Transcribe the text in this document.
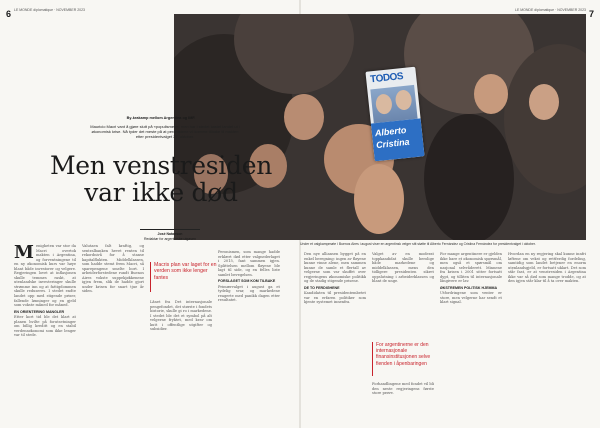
6 LE MONDE diplomatique · NOVEMBER 2023	7
LE MONDE diplomatique · NOVEMBER 2023
TODOS
Alberto
Cristina
Under et valgkampmøte i Buenos Aires i august viser en argentinsk velger sitt støtte til Alberto Fernández og Cristina Fernández for presidentvalget i oktober.
By-krakamp mellom Argentina og IMF.
Mauricio Macri vant å gjøre slutt på «populismen», men har i stedet kastet landet ut i økonomisk krise. Nå tyder det meste på at peronistene vil komme tilbake til makten etter presidentvalget 27. oktober.
Men venstresiden
var ikke død
José Natanson
Redaktør for argentinske utgaven
M enigheten var stor da Macri overtok makten i Argentina, og forventningene til en ny økonomisk kurs var høye blant både investorer og velgere. Regjeringen lovet at inflasjonen skulle temmes raskt, at utenlandske investeringer skulle strømme inn og at fattigdommen skulle reduseres. I stedet endte landet opp med stigende priser, fallende lønninger og en gjeld som vokste måned for måned.
EN ORIENTERING MANGLER
Etter kort tid ble det klart at planen hvilte på forutsetninger om billig kreditt og en stabil verdensøkonomi som ikke lenger var til stede.
Valutaen falt kraftig, og sentralbanken hevet renten til rekordnivå for å stanse kapitalflukten. Middelklassen, som hadde stemt frem Macri, så sparepengene smelte bort. I arbeiderforstedene rundt Buenos Aires vokste suppekjøkkenene igjen frem, slik de hadde gjort under krisen for snart tjue år siden.
Macris plan var laget for en verden som ikke lenger fantes
Lånet fra Det internasjonale pengefondet, det største i fondets historie, skulle gi ro i markedene. I stedet ble det et symbol på alt velgerne fryktet, med krav om kutt i offentlige utgifter og subsidier.
Peronismen, som mange hadde erklært død etter valgnederlaget i 2015, fant sammen igjen. Splittelsen mellom fløyene ble lagt til side, og en felles liste samlet bevegelsen.
FORSLAGET SOM KOM TILBAKE
Primærvalget i august ga et tydelig svar, og markedene reagerte med panikk dagen etter resultatet.
Den nye alliansen bygget på en enkel beregning: ingen av fløyene kunne vinne alene, men sammen kunne de samle et flertall av velgerne som var skuffet over regjeringens økonomiske politikk og de stadig stigende prisene.
DE TO FERDIGHENE
Kandidaten til presidentembetet var en erfaren politiker som kjente systemet innenfra.
Valget av en moderat toppkandidat skulle berolige både markedene og middelklassen, mens den tidligere presidenten sikret oppslutning i arbeiderklassen og blant de unge.
For argentinerne er den internasjonale finansinstitusjonen selve fienden i åpenbaringen
Forhandlingene med fondet vil bli den neste regjeringens første store prøve.
For mange argentinere er gjelden ikke bare et økonomisk spørsmål, men også et spørsmål om nasjonal selvråderett. Minnene fra krisen i 2001 sitter fortsatt dypt, og tilliten til internasjonale långivere er lav.
ØKSTREMEN POLITISK HJEMMA
Utfordringene som venter er store, men velgerne har sendt et klart signal.
Hvordan en ny regjering skal kunne innfri løftene om vekst og rettferdig fordeling, samtidig som landet betjener en enorm utenlandsgjeld, er fortsatt uklart. Det som står fast, er at venstresiden i Argentina ikke var så død som mange trodde, og at den igjen står klar til å ta over makten.
